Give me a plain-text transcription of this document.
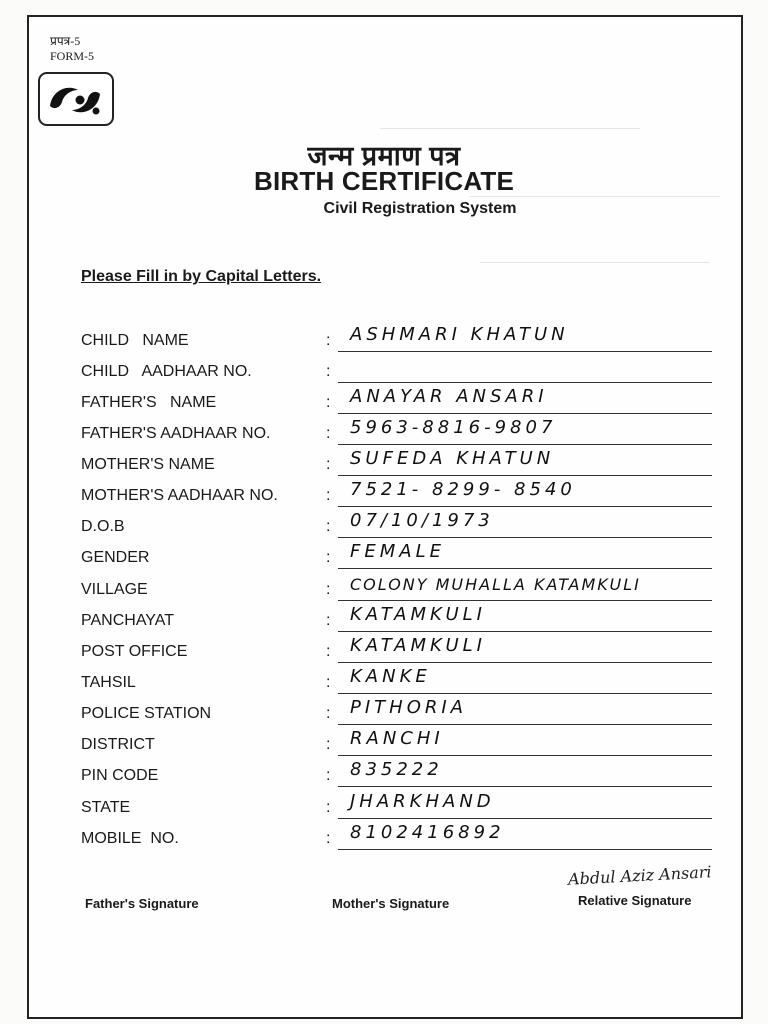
प्रपत्र-5
FORM-5
जन्म प्रमाण पत्र
BIRTH CERTIFICATE
Civil Registration System
Please Fill in by Capital Letters.
CHILD   NAME	: ASHMARI KHATUN
CHILD   AADHAAR NO.	:
FATHER'S   NAME	: ANAYAR ANSARI
FATHER'S AADHAAR NO.	: 5963-8816-9807
MOTHER'S NAME	: SUFEDA KHATUN
MOTHER'S AADHAAR NO.	: 7521- 8299- 8540
D.O.B	: 07/10/1973
GENDER	: FEMALE
VILLAGE	: COLONY MUHALLA KATAMKULI
PANCHAYAT	: KATAMKULI
POST OFFICE	: KATAMKULI
TAHSIL	: KANKE
POLICE STATION	: PITHORIA
DISTRICT	: RANCHI
PIN CODE	: 835222
STATE	: JHARKHAND
MOBILE  NO.	: 8102416892
Abdul Aziz Ansari
Father's Signature	Mother's Signature	Relative Signature
